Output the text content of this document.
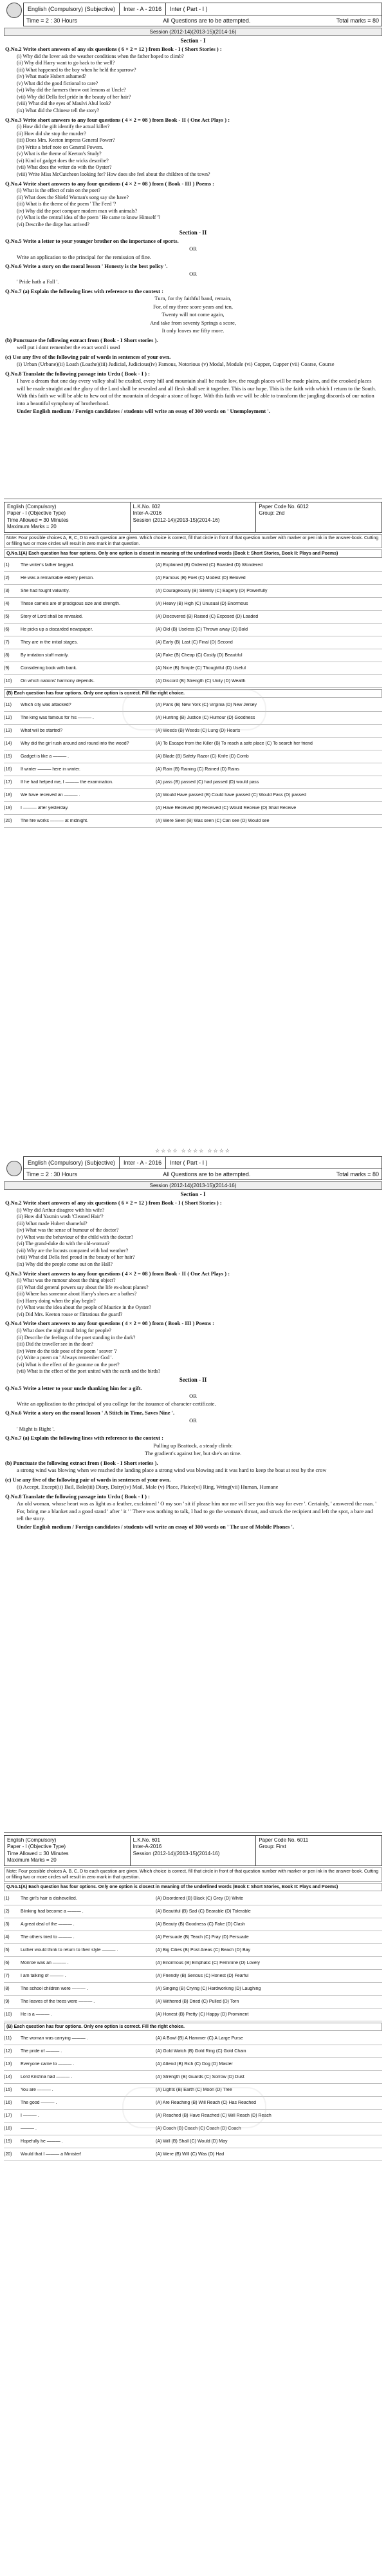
English (Compulsory) (Subjective)	Inter - A - 2016	Inter ( Part - I )
Time = 2 : 30 Hours	All Questions are to be attempted.	Total marks = 80
Session (2012-14)(2013-15)(2014-16)
Section - I
Q.No.2 Write short answers of any six questions ( 6 × 2 = 12 ) from Book - I ( Short Stories ) :
(i) Why did the lover ask the weather conditions when the father hoped to climb?
(ii) Why did Harry want to go back to the well?
(iii) What happened to the boy when he held the sparrow?
(iv) What made Hubert ashamed?
(v) What did the good fictional to care?
(vi) Why did the farmers throw out lemons at Uncle?
(vii) Why did Della feel pride in the beauty of her hair?
(viii) What did the eyes of Maulvi Abul look?
(ix) What did the Chinese tell the story?
Q.No.3 Write short answers to any four questions ( 4 × 2 = 08 ) from Book - II ( One Act Plays ) :
(i) How did the gift identify the actual killer?
(ii) How did she stop the murder?
(iii) Does Mrs. Keeton impress General Power?
(iv) Write a brief note on General Powers.
(v) What is the theme of Keeton's Study?
(vi) Kind of gadget does the wicks describe?
(vii) What does the writer do with the Oyster?
(viii) Write Miss McCutcheon looking for? How does she feel about the children of the town?
Q.No.4 Write short answers to any four questions ( 4 × 2 = 08 ) from ( Book - III ) Poems :
(i) What is the effect of rain on the poet?
(ii) What does the Shield Woman's song say she have?
(iii) What is the theme of the poem ' The Feed '?
(iv) Why did the poet compare modern man with animals?
(v) What is the central idea of the poem ' He came to know Himself '?
(vi) Describe the dirge has arrived?
Section - II
Q.No.5 Write a letter to your younger brother on the importance of sports.
OR
Write an application to the principal for the remission of fine.
Q.No.6 Write a story on the moral lesson ' Honesty is the best policy '.
OR
' Pride hath a Fall '.
Q.No.7 (a) Explain the following lines with reference to the context :
Turn, for thy faithful band, remain,
For, of my three score years and ten,
Twenty will not come again,
And take from seventy Springs a score,
It only leaves me fifty more.
(b) Punctuate the following extract from ( Book - I Short stories ).
well put i dont remember the exact word i used
(c) Use any five of the following pair of words in sentences of your own.
(i) Urban (Urbane)(ii) Loath (Loathe)(iii) Judicial, Judicious(iv) Famous, Notorious (v) Modal, Module (vi) Copper, Cupper (vii) Coarse, Course
Q.No.8 Translate the following passage into Urdu ( Book - I ) :
I have a dream that one day every valley shall be exalted, every hill and mountain shall be made low, the rough places will be made plains, and the crooked places will be made straight and the glory of the Lord shall be revealed and all flesh shall see it together. This is our hope. This is the faith with which I return to the South. With this faith we will be able to hew out of the mountain of despair a stone of hope. With this faith we will be able to transform the jangling discords of our nation into a beautiful symphony of brotherhood.
Under English medium / Foreign candidates / students will write an essay of 300 words on ' Unemployment '.
English (Compulsory)
Paper - I (Objective Type)
Time Allowed = 30 Minutes
Maximum Marks = 20
L.K.No. 602
Inter-A-2016
Session (2012-14)(2013-15)(2014-16)
Paper Code No. 6012
Group: 2nd
Note: Four possible choices A, B, C, D to each question are given. Which choice is correct, fill that circle in front of that question number with marker or pen ink in the answer-book. Cutting or filling two or more circles will result in zero mark in that question.
Q.No.1(A) Each question has four options. Only one option is closest in meaning of the underlined words (Book I: Short Stories, Book II: Plays and Poems)
(1)	The writer's father begged.	(A) Explained (B) Ordered (C) Boasted (D) Wondered
(2)	He was a remarkable elderly person.	(A) Famous (B) Poet (C) Modest (D) Beloved
(3)	She had fought valiantly.	(A) Courageously (B) Silently (C) Eagerly (D) Powerfully
(4)	These camels are of prodigious size and strength.	(A) Heavy (B) High (C) Unusual (D) Enormous
(5)	Story of Lord shall be revealed.	(A) Discovered (B) Raised (C) Exposed (D) Loaded
(6)	He picks up a discarded newspaper.	(A) Old (B) Useless (C) Thrown away (D) Bold
(7)	They are in the initial stages.	(A) Early (B) Last (C) Final (D) Second
(8)	By imitation stuff mainly.	(A) Fake (B) Cheap (C) Costly (D) Beautiful
(9)	Considering book with bank.	(A) Nice (B) Simple (C) Thoughtful (D) Useful
(10)	On which nations' harmony depends.	(A) Discord (B) Strength (C) Unity (D) Wealth
(B) Each question has four options. Only one option is correct. Fill the right choice.
(11)	Which city was attacked?	(A) Paris (B) New York (C) Virginia (D) New Jersey
(12)	The king was famous for his ——— .	(A) Hunting (B) Justice (C) Humour (D) Goodness
(13)	What will be started?	(A) Weeds (B) Weeds (C) Lung (D) Hearts
(14)	Why did the girl rush around and round into the wood?	(A) To Escape from the Killer (B) To reach a safe place (C) To search her friend
(15)	Gadget is like a ——— .	(A) Blade (B) Safety Razor (C) Knife (D) Comb
(16)	If winter ——— here in winter.	(A) Rain (B) Raining (C) Rained (D) Rains
(17)	If he had helped me, I ——— the examination.	(A) pass (B) passed (C) had passed (D) would pass
(18)	We have received an ——— .	(A) Would Have passed (B) Could have passed (C) Would Pass (D) passed
(19)	I ——— after yesterday.	(A) Have Received (B) Received (C) Would Receive (D) Shall Receive
(20)	The fire works ——— at midnight.	(A) Were Seen (B) Was seen (C) Can see (D) Would see
☆☆☆☆ ☆☆☆☆ ☆☆☆☆
English (Compulsory) (Subjective)	Inter - A - 2016	Inter ( Part - I )
Time = 2 : 30 Hours	All Questions are to be attempted.	Total marks = 80
Session (2012-14)(2013-15)(2014-16)
Section - I
Q.No.2 Write short answers of any six questions ( 6 × 2 = 12 ) from Book - I ( Short Stories ) :
(i) Why did Arthur disagree with his wife?
(ii) How did Yasmin wash 'Cleaned Hair'?
(iii) What made Hubert shameful?
(iv) What was the sense of humour of the doctor?
(v) What was the behaviour of the child with the doctor?
(vi) The grand-duke do with the old-woman?
(vii) Why are the locusts compared with bad weather?
(viii) What did Della feel proud in the beauty of her hair?
(ix) Why did the people come out on the Hall?
Q.No.3 Write short answers to any four questions ( 4 × 2 = 08 ) from Book - II ( One Act Plays ) :
(i) What was the rumour about the thing object?
(ii) What did general powers say about the life ex-about planes?
(iii) Where has someone about Harry's shoes are a bathes?
(iv) Harry doing when the play begin?
(v) What was the idea about the people of Maurice in the Oyster?
(vi) Did Mrs. Keeton rouse or flirtatious the guard?
Q.No.4 Write short answers to any four questions ( 4 × 2 = 08 ) from ( Book - III ) Poems :
(i) What does the night mail bring for people?
(ii) Describe the feelings of the poet standing in the dark?
(iii) Did the traveller see in the door?
(iv) Were do the tide pose of the poem ' seaver '?
(v) Write a poem on ' Always remember God '.
(vi) What is the effect of the gramme on the poet?
(vii) What is the effect of the poet united with the earth and the birds?
Section - II
Q.No.5 Write a letter to your uncle thanking him for a gift.
OR
Write an application to the principal of you college for the issuance of character certificate.
Q.No.6 Write a story on the moral lesson ' A Stitch in Time, Saves Nine '.
OR
' Might is Right '.
Q.No.7 (a) Explain the following lines with reference to the context :
Pulling up Beattock, a steady climb:
The gradient's against her, but she's on time.
(b) Punctuate the following extract from ( Book - I Short stories ).
a strong wind was blowing when we reached the landing place a strong wind was blowing and it was hard to keep the boat at rest by the crow
(c) Use any five of the following pair of words in sentences of your own.
(i) Accept, Except(ii) Bail, Bale(iii) Diary, Dairy(iv) Mail, Male (v) Place, Plaice(vi) Ring, Wring(vii) Human, Humane
Q.No.8 Translate the following passage into Urdu ( Book - I ) :
An old woman, whose heart was as light as a feather, exclaimed ' O my son ' sit if please him nor me will see you this way for ever '. Certainly, ' answered the man. ' For, bring me a blanket and a good stand ' after ' it ' ' There was nothing to talk, I had to go the woman's throat, and struck the recipient and left the spot, a bare and tell the story.
Under English medium / Foreign candidates / students will write an essay of 300 words on ' The use of Mobile Phones '.
English (Compulsory)
Paper - I (Objective Type)
Time Allowed = 30 Minutes
Maximum Marks = 20
L.K.No. 601
Inter-A-2016
Session (2012-14)(2013-15)(2014-16)
Paper Code No. 6011
Group: First
Note: Four possible choices A, B, C, D to each question are given. Which choice is correct, fill that circle in front of that question number with marker or pen ink in the answer-book. Cutting or filling two or more circles will result in zero mark in that question.
Q.No.1(A) Each question has four options. Only one option is closest in meaning of the underlined words (Book I: Short Stories, Book II: Plays and Poems)
(1)	The girl's hair is dishevelled.	(A) Disordered (B) Black (C) Grey (D) White
(2)	Blinking had become a ——— .	(A) Beautiful (B) Sad (C) Bearable (D) Tolerable
(3)	A great deal of the ——— .	(A) Beauty (B) Goodness (C) Fake (D) Clash
(4)	The others tried to ——— .	(A) Persuade (B) Teach (C) Pray (D) Persuade
(5)	Luther would think to return to their style ——— .	(A) Big Cities (B) Post Areas (C) Beach (D) Bay
(6)	Monroe was an ——— .	(A) Enormous (B) Emphatic (C) Feminine (D) Lovely
(7)	I am talking of ——— .	(A) Friendly (B) Serious (C) Honest (D) Fearful
(8)	The school children were ——— .	(A) Singing (B) Crying (C) Hardworking (D) Laughing
(9)	The leaves of the trees were ——— .	(A) Withered (B) Dried (C) Pulled (D) Torn
(10)	He is a ——— .	(A) Honest (B) Pretty (C) Happy (D) Prominent
(B) Each question has four options. Only one option is correct. Fill the right choice.
(11)	The woman was carrying ——— .	(A) A Bowl (B) A Hammer (C) A Large Purse
(12)	The pride of ——— .	(A) Gold Watch (B) Gold Ring (C) Gold Chain
(13)	Everyone came to ——— .	(A) Attend (B) Rich (C) Dog (D) Master
(14)	Lord Krishna had ——— .	(A) Strength (B) Guards (C) Sorrow (D) Dust
(15)	You are ——— .	(A) Lights (B) Earth (C) Moon (D) Tree
(16)	The good ——— .	(A) Are Reaching (B) Will Reach (C) Has Reached
(17)	I ——— .	(A) Reached (B) Have Reached (C) Will Reach (D) Reach
(18)	——— .	(A) Coach (B) Coach (C) Coach (D) Coach
(19)	Hopefully he ——— .	(A) Will (B) Shall (C) Would (D) May
(20)	Would that I ——— a Minister!	(A) Were (B) Will (C) Was (D) Had
